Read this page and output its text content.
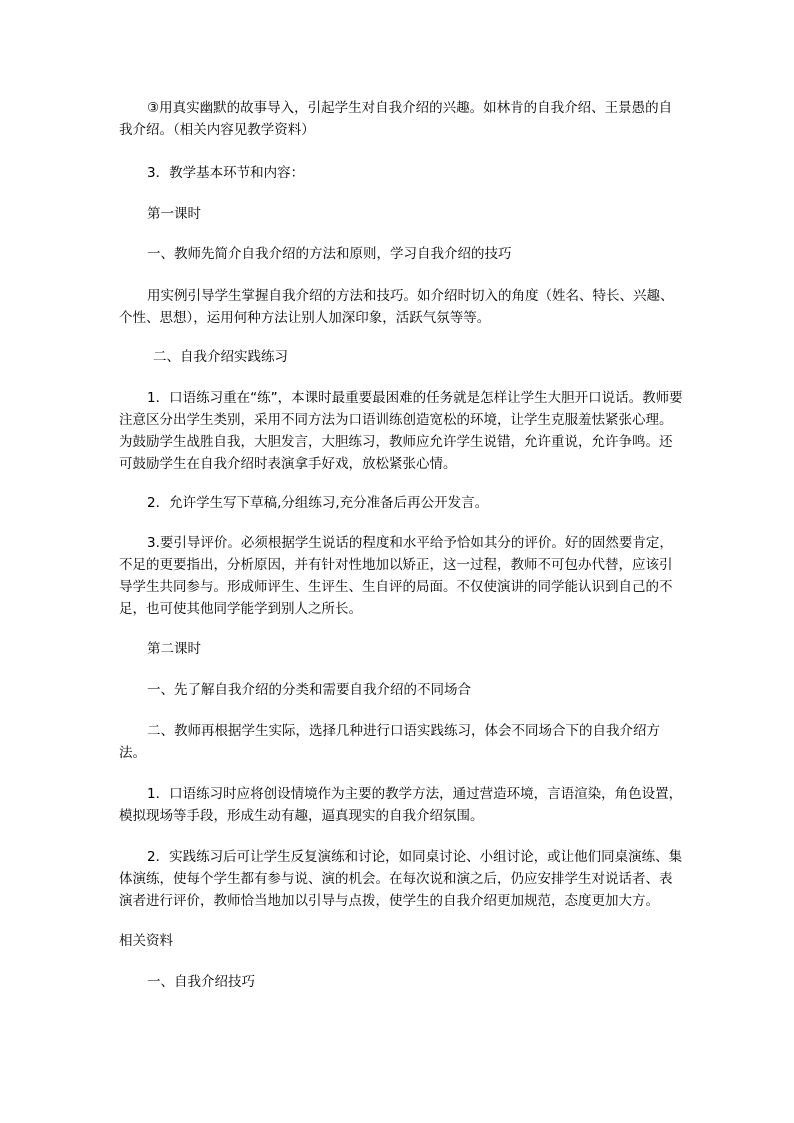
③用真实幽默的故事导入，引起学生对自我介绍的兴趣。如林肯的自我介绍、王景愚的自我介绍。（相关内容见教学资料）

3．教学基本环节和内容：

第一课时

一、教师先简介自我介绍的方法和原则，学习自我介绍的技巧

用实例引导学生掌握自我介绍的方法和技巧。如介绍时切入的角度（姓名、特长、兴趣、个性、思想），运用何种方法让别人加深印象，活跃气氛等等。

二、自我介绍实践练习

1．口语练习重在“练”，本课时最重要最困难的任务就是怎样让学生大胆开口说话。教师要注意区分出学生类别，采用不同方法为口语训练创造宽松的环境，让学生克服羞怯紧张心理。为鼓励学生战胜自我，大胆发言，大胆练习，教师应允许学生说错，允许重说，允许争鸣。还可鼓励学生在自我介绍时表演拿手好戏，放松紧张心情。

2．允许学生写下草稿,分组练习,充分准备后再公开发言。

3.要引导评价。必须根据学生说话的程度和水平给予恰如其分的评价。好的固然要肯定，不足的更要指出，分析原因，并有针对性地加以矫正，这一过程，教师不可包办代替，应该引导学生共同参与。形成师评生、生评生、生自评的局面。不仅使演讲的同学能认识到自己的不足，也可使其他同学能学到别人之所长。

第二课时

一、先了解自我介绍的分类和需要自我介绍的不同场合

二、教师再根据学生实际，选择几种进行口语实践练习，体会不同场合下的自我介绍方法。

1．口语练习时应将创设情境作为主要的教学方法，通过营造环境，言语渲染，角色设置，模拟现场等手段，形成生动有趣，逼真现实的自我介绍氛围。

2．实践练习后可让学生反复演练和讨论，如同桌讨论、小组讨论，或让他们同桌演练、集体演练，使每个学生都有参与说、演的机会。在每次说和演之后，仍应安排学生对说话者、表演者进行评价，教师恰当地加以引导与点拨，使学生的自我介绍更加规范，态度更加大方。

相关资料

一、自我介绍技巧
